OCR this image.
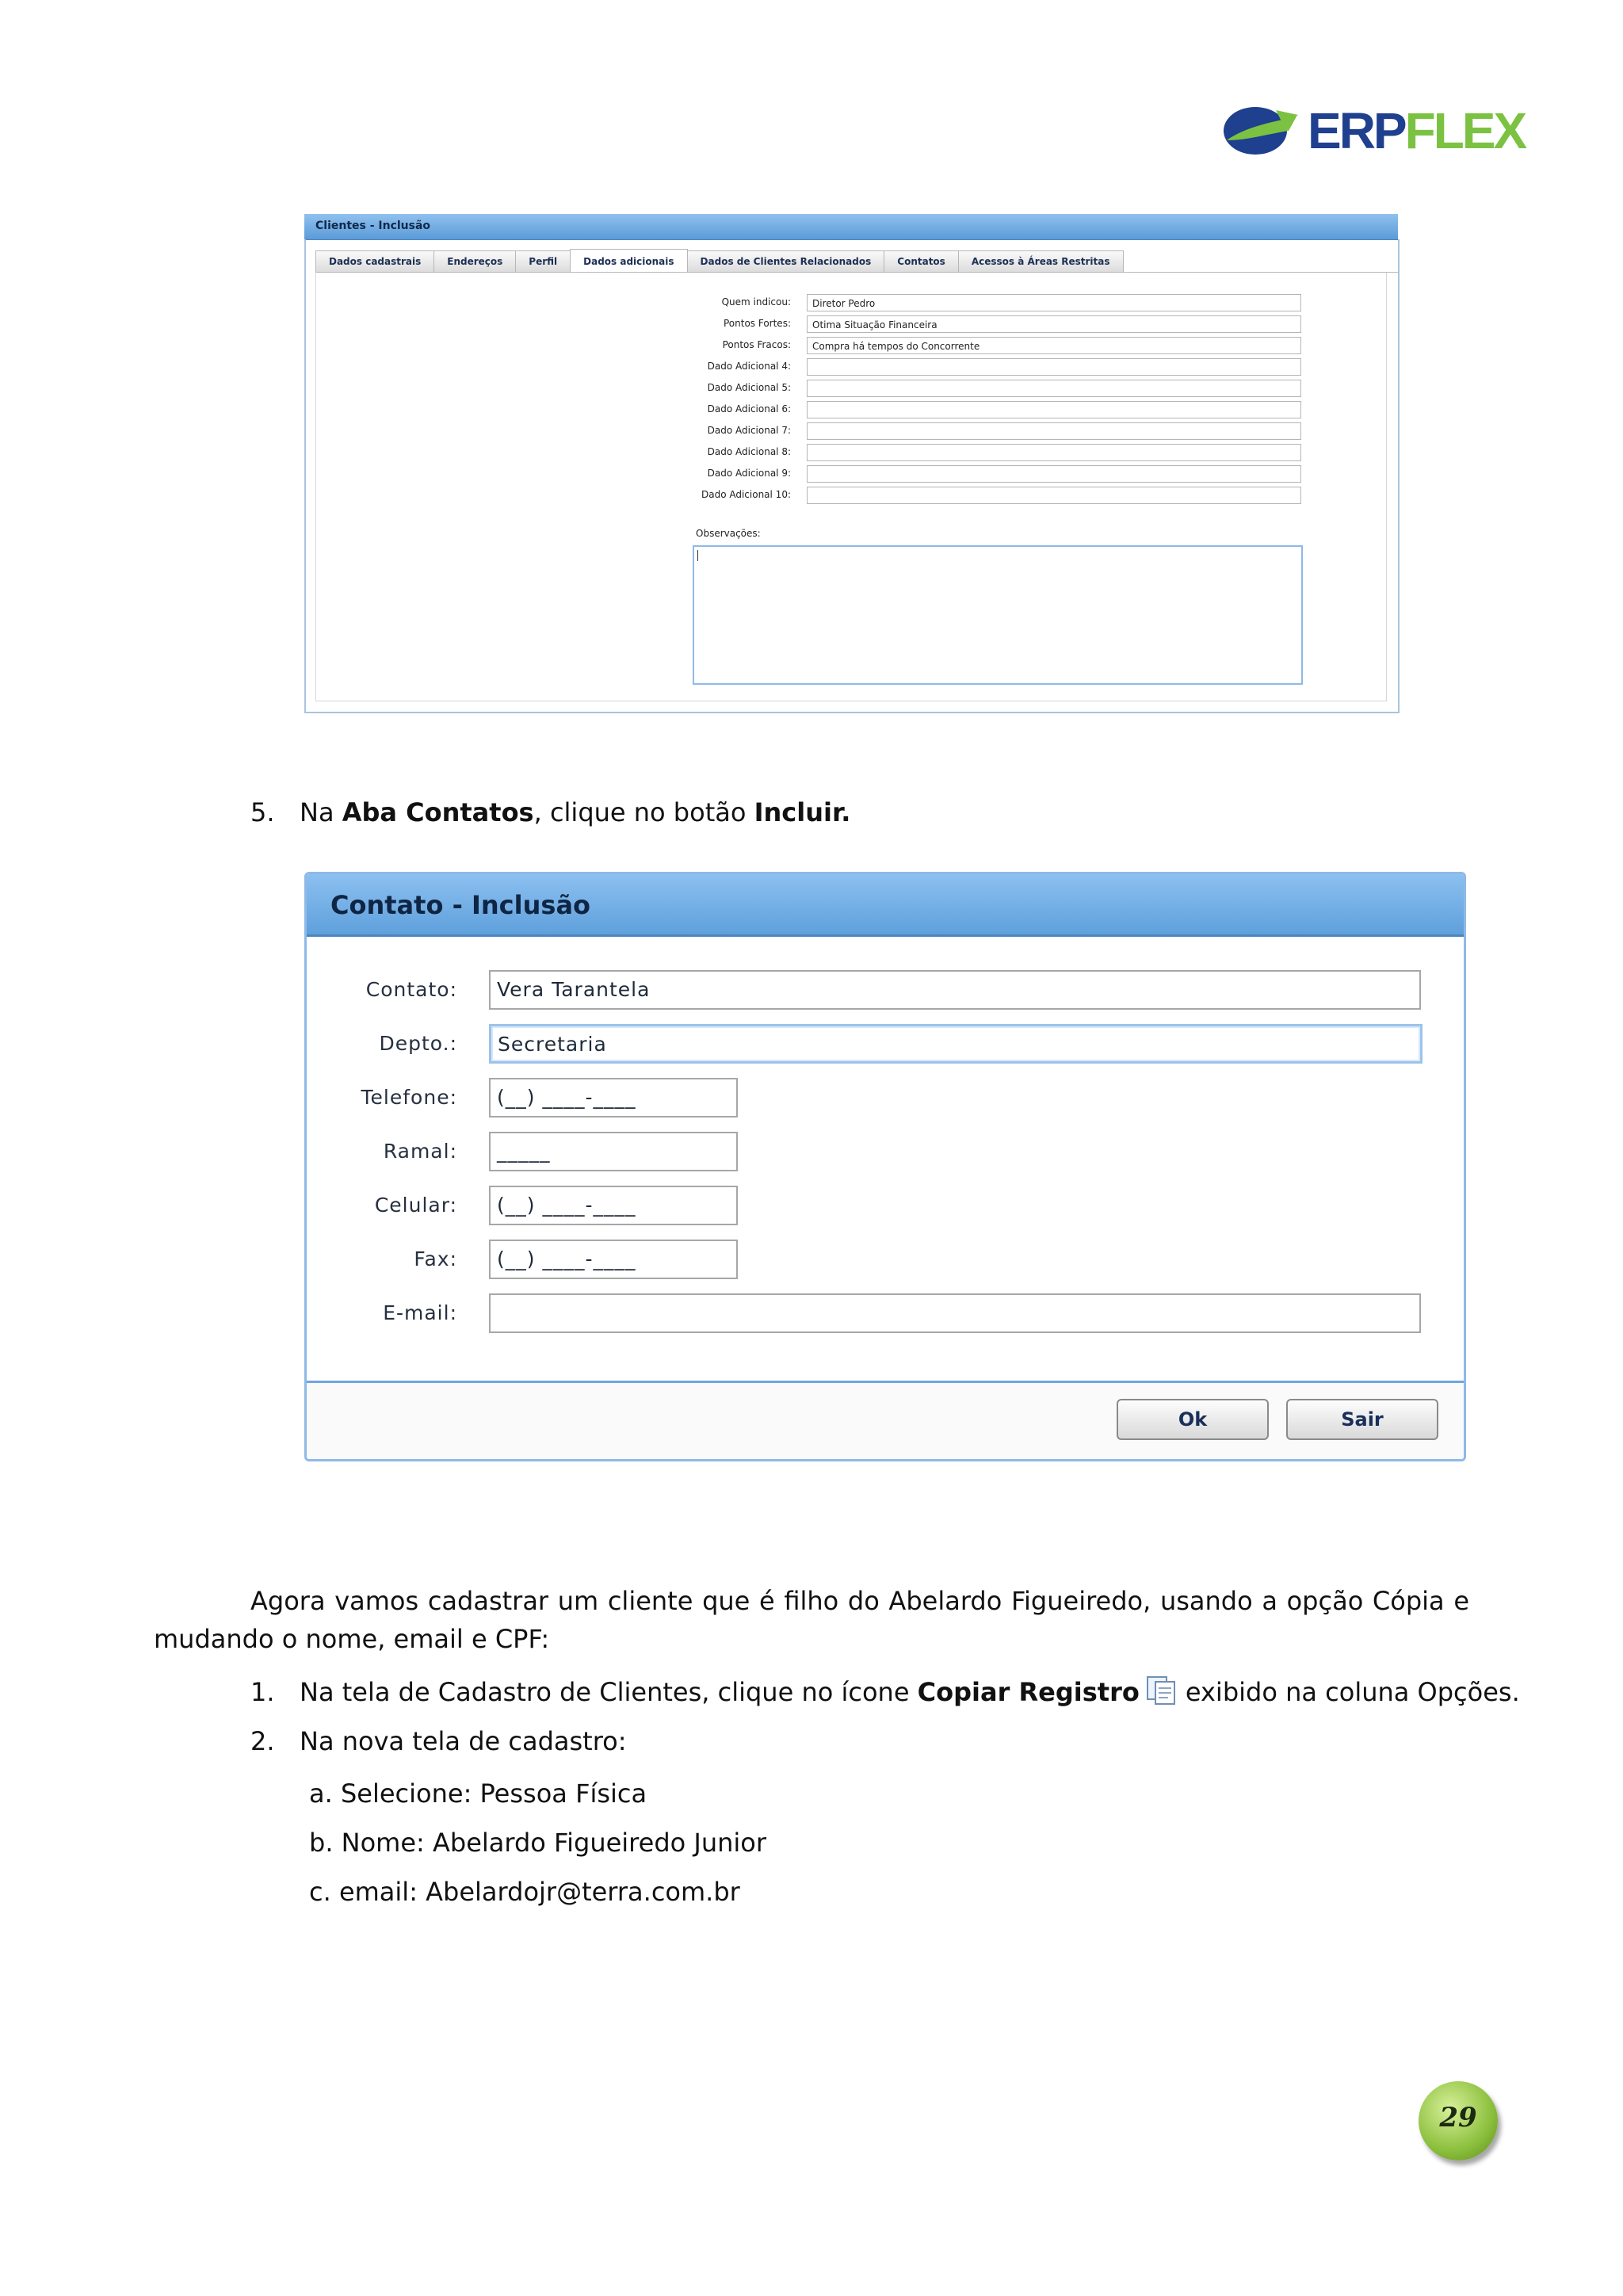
ERPFLEX
Clientes - Inclusão
Dados cadastrais	Endereços	Perfil	Dados adicionais	Dados de Clientes Relacionados	Contatos	Acessos à Áreas Restritas
Quem indicou:	Diretor Pedro
Pontos Fortes:	Otima Situação Financeira
Pontos Fracos:	Compra há tempos do Concorrente
Dado Adicional 4:
Dado Adicional 5:
Dado Adicional 6:
Dado Adicional 7:
Dado Adicional 8:
Dado Adicional 9:
Dado Adicional 10:
Observações:
5. Na Aba Contatos, clique no botão Incluir.
Contato - Inclusão
Contato:	Vera Tarantela
Depto.:	Secretaria
Telefone:	(__) ____-____
Ramal:	_____
Celular:	(__) ____-____
Fax:	(__) ____-____
E-mail:
Ok	Sair

Agora vamos cadastrar um cliente que é filho do Abelardo Figueiredo, usando a opção Cópia e mudando o nome, email e CPF:

1. Na tela de Cadastro de Clientes, clique no ícone Copiar Registro exibido na coluna Opções.
2. Na nova tela de cadastro:
a. Selecione: Pessoa Física
b. Nome: Abelardo Figueiredo Junior
c. email: Abelardojr@terra.com.br
29
